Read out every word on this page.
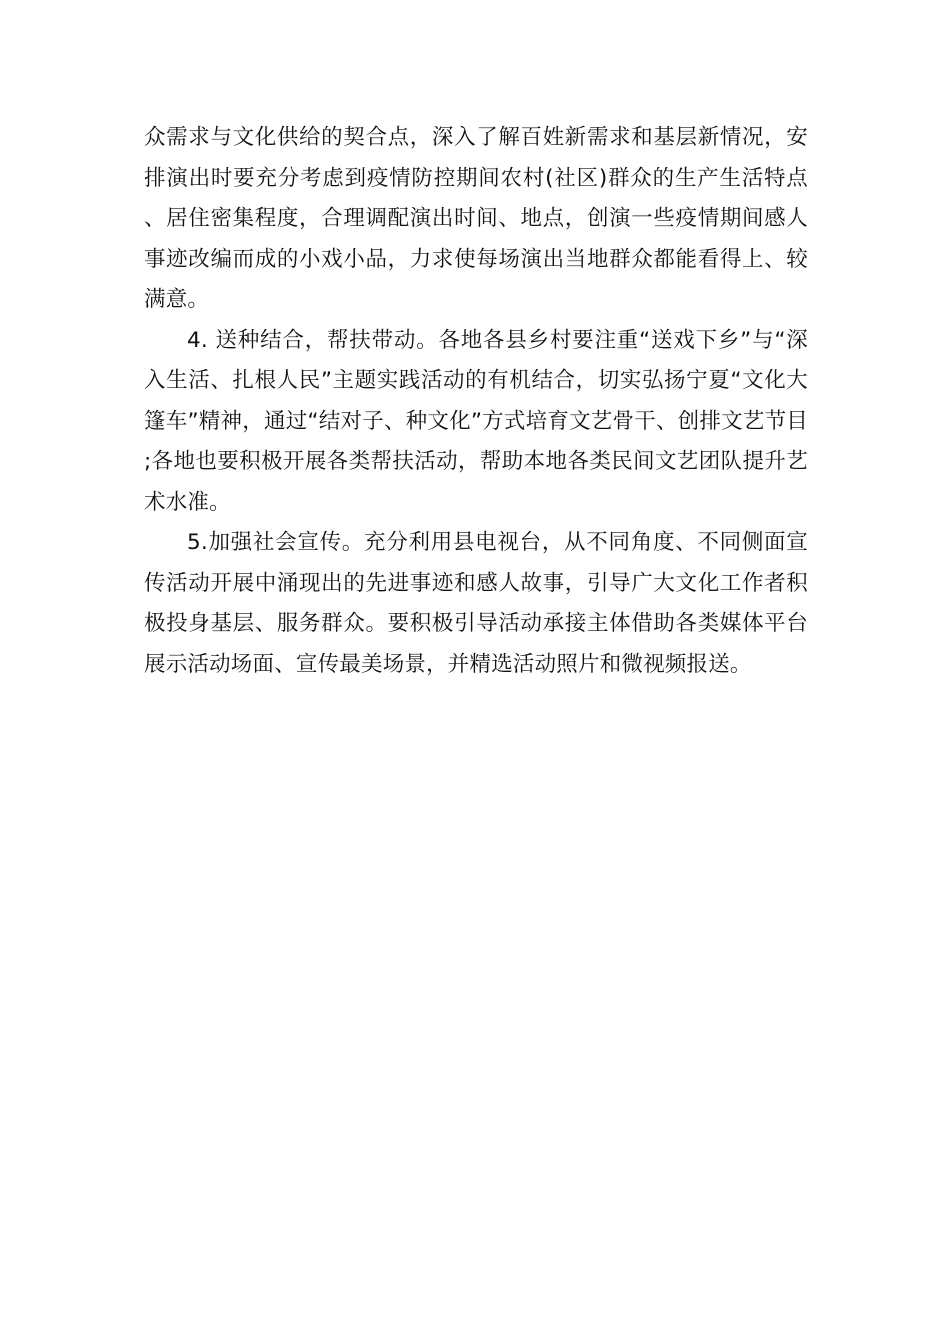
众需求与文化供给的契合点，深入了解百姓新需求和基层新情况，安排演出时要充分考虑到疫情防控期间农村(社区)群众的生产生活特点、居住密集程度，合理调配演出时间、地点，创演一些疫情期间感人事迹改编而成的小戏小品，力求使每场演出当地群众都能看得上、较满意。

4. 送种结合，帮扶带动。各地各县乡村要注重“送戏下乡”与“深入生活、扎根人民”主题实践活动的有机结合，切实弘扬宁夏“文化大篷车”精神，通过“结对子、种文化”方式培育文艺骨干、创排文艺节目;各地也要积极开展各类帮扶活动，帮助本地各类民间文艺团队提升艺术水准。

5.加强社会宣传。充分利用县电视台，从不同角度、不同侧面宣传活动开展中涌现出的先进事迹和感人故事，引导广大文化工作者积极投身基层、服务群众。要积极引导活动承接主体借助各类媒体平台展示活动场面、宣传最美场景，并精选活动照片和微视频报送。
